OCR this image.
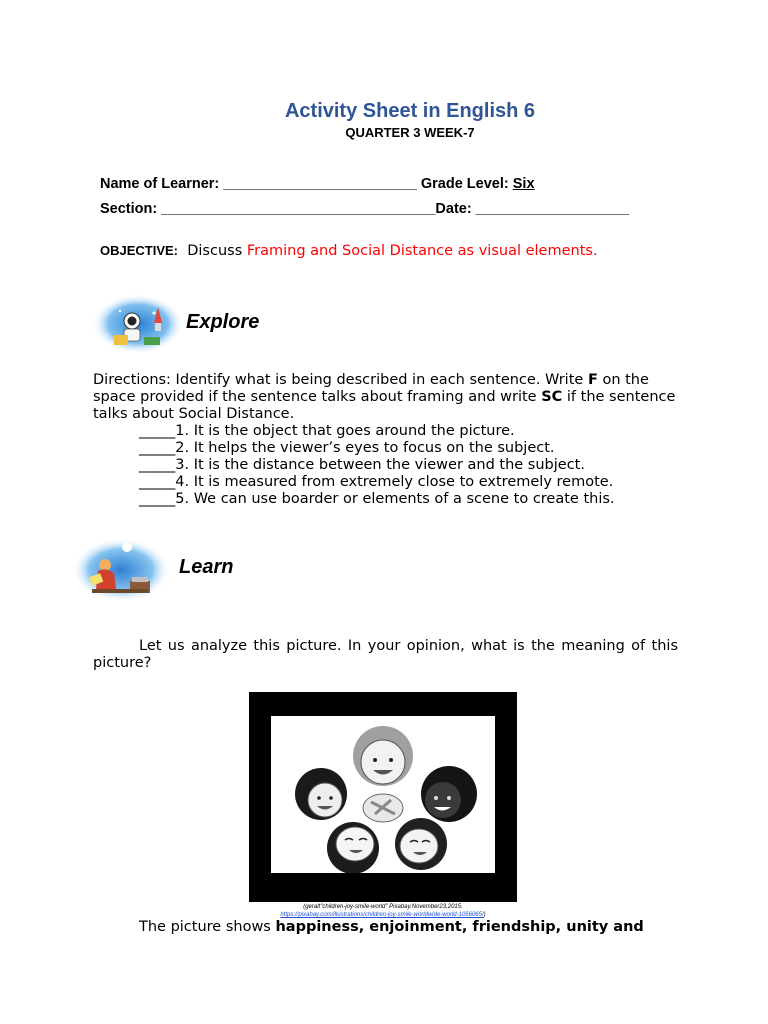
Activity Sheet in English 6
QUARTER 3 WEEK-7
Name of Learner: ________________________ Grade Level: Six
Section: __________________________________Date: ___________________
OBJECTIVE: Discuss Framing and Social Distance as visual elements.
Explore
Directions: Identify what is being described in each sentence. Write F on the space provided if the sentence talks about framing and write SC if the sentence talks about Social Distance.
_____1. It is the object that goes around the picture.
_____2. It helps the viewer’s eyes to focus on the subject.
_____3. It is the distance between the viewer and the subject.
_____4. It is measured from extremely close to extremely remote.
_____5. We can use boarder or elements of a scene to create this.
Learn
Let us analyze this picture. In your opinion, what is the meaning of this picture?
(geralt"children-joy-smile-world" Pixabay.November23,2015.
https://pixabay.com/illustrations/children-joy-smile-worldwide-world-1056065/)
The picture shows happiness, enjoinment, friendship, unity and
